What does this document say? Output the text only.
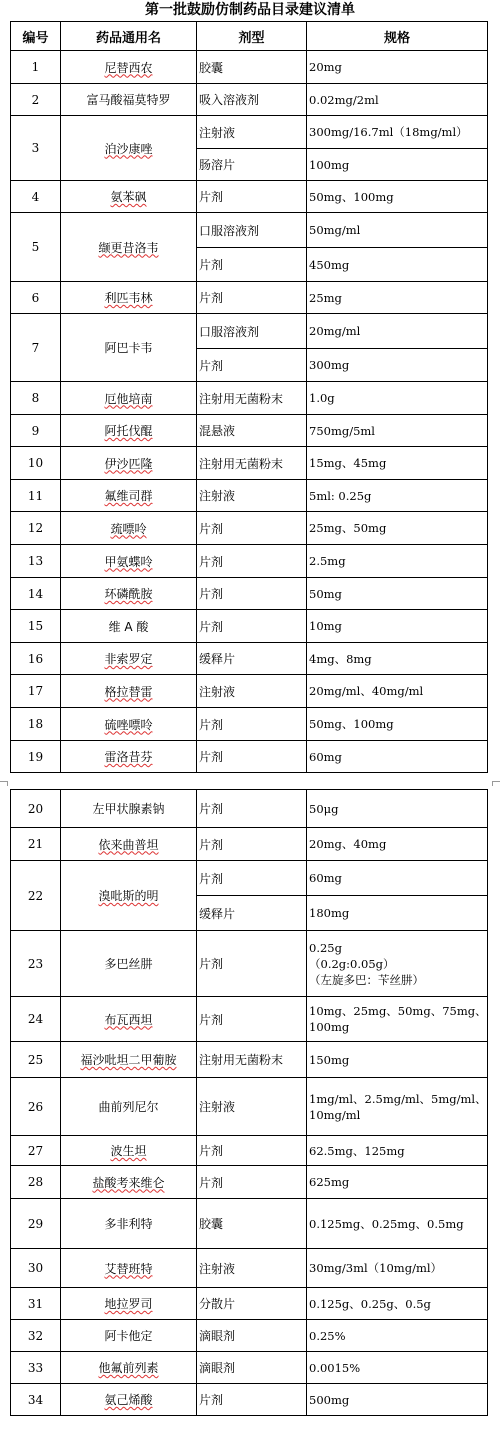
第一批鼓励仿制药品目录建议清单
编号	药品通用名	剂型	规格
1	尼替西农	胶囊	20mg
2	富马酸福莫特罗	吸入溶液剂	0.02mg/2ml
3	泊沙康唑	注射液	300mg/16.7ml（18mg/ml）
		肠溶片	100mg
4	氨苯砜	片剂	50mg、100mg
5	缬更昔洛韦	口服溶液剂	50mg/ml
		片剂	450mg
6	利匹韦林	片剂	25mg
7	阿巴卡韦	口服溶液剂	20mg/ml
		片剂	300mg
8	厄他培南	注射用无菌粉末	1.0g
9	阿托伐醌	混悬液	750mg/5ml
10	伊沙匹隆	注射用无菌粉末	15mg、45mg
11	氟维司群	注射液	5ml: 0.25g
12	巯嘌呤	片剂	25mg、50mg
13	甲氨蝶呤	片剂	2.5mg
14	环磷酰胺	片剂	50mg
15	维 A 酸	片剂	10mg
16	非索罗定	缓释片	4mg、8mg
17	格拉替雷	注射液	20mg/ml、40mg/ml
18	硫唑嘌呤	片剂	50mg、100mg
19	雷洛昔芬	片剂	60mg
20	左甲状腺素钠	片剂	50μg
21	依来曲普坦	片剂	20mg、40mg
22	溴吡斯的明	片剂	60mg
		缓释片	180mg
23	多巴丝肼	片剂	0.25g
（0.2g:0.05g）
（左旋多巴：苄丝肼）
24	布瓦西坦	片剂	10mg、25mg、50mg、75mg、100mg
25	福沙吡坦二甲葡胺	注射用无菌粉末	150mg
26	曲前列尼尔	注射液	1mg/ml、2.5mg/ml、5mg/ml、10mg/ml
27	波生坦	片剂	62.5mg、125mg
28	盐酸考来维仑	片剂	625mg
29	多非利特	胶囊	0.125mg、0.25mg、0.5mg
30	艾替班特	注射液	30mg/3ml（10mg/ml）
31	地拉罗司	分散片	0.125g、0.25g、0.5g
32	阿卡他定	滴眼剂	0.25%
33	他氟前列素	滴眼剂	0.0015%
34	氨己烯酸	片剂	500mg
